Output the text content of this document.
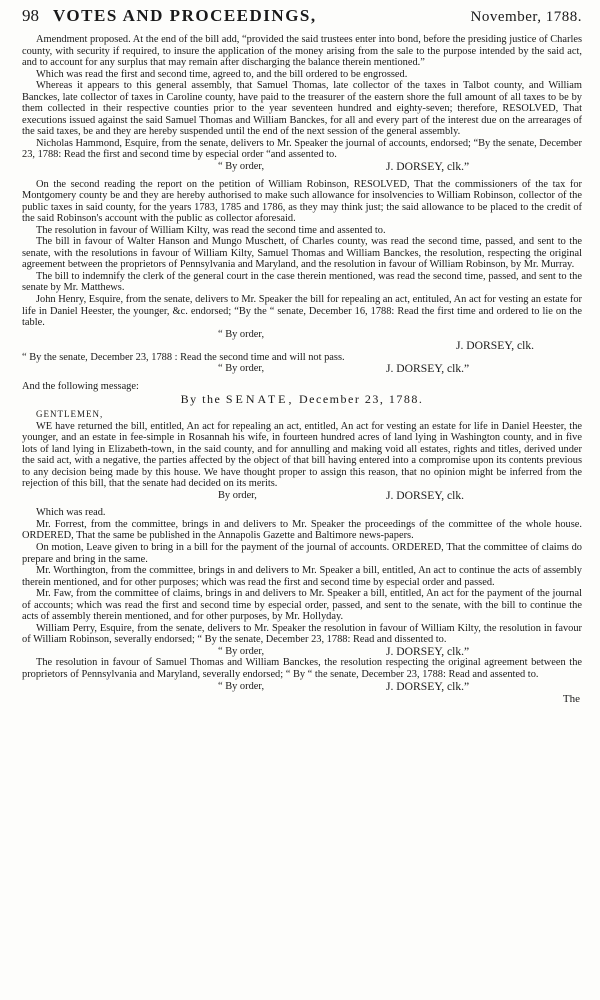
98 VOTES AND PROCEEDINGS,	November, 1788.

Amendment proposed. At the end of the bill add, “provided the said trustees enter into bond, before the presiding justice of Charles county, with security if required, to insure the application of the money arising from the sale to the purpose intended by the said act, and to account for any surplus that may remain after discharging the balance therein mentioned.”

Which was read the first and second time, agreed to, and the bill ordered to be engrossed.

Whereas it appears to this general assembly, that Samuel Thomas, late collector of the taxes in Talbot county, and William Banckes, late collector of taxes in Caroline county, have paid to the treasurer of the eastern shore the full amount of all taxes to be by them collected in their respective counties prior to the year seventeen hundred and eighty-seven; therefore, RESOLVED, That executions issued against the said Samuel Thomas and William Banckes, for all and every part of the interest due on the arrearages of the said taxes, be and they are hereby suspended until the end of the next session of the general assembly.

Nicholas Hammond, Esquire, from the senate, delivers to Mr. Speaker the journal of accounts, endorsed; “By the senate, December 23, 1788: Read the first and second time by especial order “and assented to.

“ By order,	J. DORSEY, clk.”

On the second reading the report on the petition of William Robinson, RESOLVED, That the commissioners of the tax for Montgomery county be and they are hereby authorised to make such allowance for insolvencies to William Robinson, collector of the public taxes in said county, for the years 1783, 1785 and 1786, as they may think just; the said allowance to be placed to the credit of the said Robinson's account with the public as collector aforesaid.

The resolution in favour of William Kilty, was read the second time and assented to.

The bill in favour of Walter Hanson and Mungo Muschett, of Charles county, was read the second time, passed, and sent to the senate, with the resolutions in favour of William Kilty, Samuel Thomas and William Banckes, the resolution, respecting the original agreement between the proprietors of Pennsylvania and Maryland, and the resolution in favour of William Robinson, by Mr. Murray.

The bill to indemnify the clerk of the general court in the case therein mentioned, was read the second time, passed, and sent to the senate by Mr. Matthews.

John Henry, Esquire, from the senate, delivers to Mr. Speaker the bill for repealing an act, entituled, An act for vesting an estate for life in Daniel Heester, the younger, &c. endorsed; “By the “ senate, December 16, 1788: Read the first time and ordered to lie on the table.

“ By order,
J. DORSEY, clk.

“ By the senate, December 23, 1788 : Read the second time and will not pass.

“ By order,	J. DORSEY, clk.”

And the following message:

By the SENATE, December 23, 1788.
GENTLEMEN,

WE have returned the bill, entitled, An act for repealing an act, entitled, An act for vesting an estate for life in Daniel Heester, the younger, and an estate in fee-simple in Rosannah his wife, in fourteen hundred acres of land lying in Washington county, and in five lots of land lying in Elizabeth-town, in the said county, and for annulling and making void all estates, rights and titles, derived under the said act, with a negative, the parties affected by the object of that bill having entered into a compromise upon its contents previous to any decision being made by this house. We have thought proper to assign this reason, that no opinion might be inferred from the rejection of this bill, that the senate had decided on its merits.

By order,	J. DORSEY, clk.

Which was read.

Mr. Forrest, from the committee, brings in and delivers to Mr. Speaker the proceedings of the committee of the whole house. ORDERED, That the same be published in the Annapolis Gazette and Baltimore news-papers.

On motion, Leave given to bring in a bill for the payment of the journal of accounts. ORDERED, That the committee of claims do prepare and bring in the same.

Mr. Worthington, from the committee, brings in and delivers to Mr. Speaker a bill, entitled, An act to continue the acts of assembly therein mentioned, and for other purposes; which was read the first and second time by especial order and passed.

Mr. Faw, from the committee of claims, brings in and delivers to Mr. Speaker a bill, entitled, An act for the payment of the journal of accounts; which was read the first and second time by especial order, passed, and sent to the senate, with the bill to continue the acts of assembly therein mentioned, and for other purposes, by Mr. Hollyday.

William Perry, Esquire, from the senate, delivers to Mr. Speaker the resolution in favour of William Kilty, the resolution in favour of William Robinson, severally endorsed; “ By the senate, December 23, 1788: Read and dissented to.

“ By order,	J. DORSEY, clk.”

The resolution in favour of Samuel Thomas and William Banckes, the resolution respecting the original agreement between the proprietors of Pennsylvania and Maryland, severally endorsed; “ By “ the senate, December 23, 1788: Read and assented to.

“ By order,	J. DORSEY, clk.”
The
